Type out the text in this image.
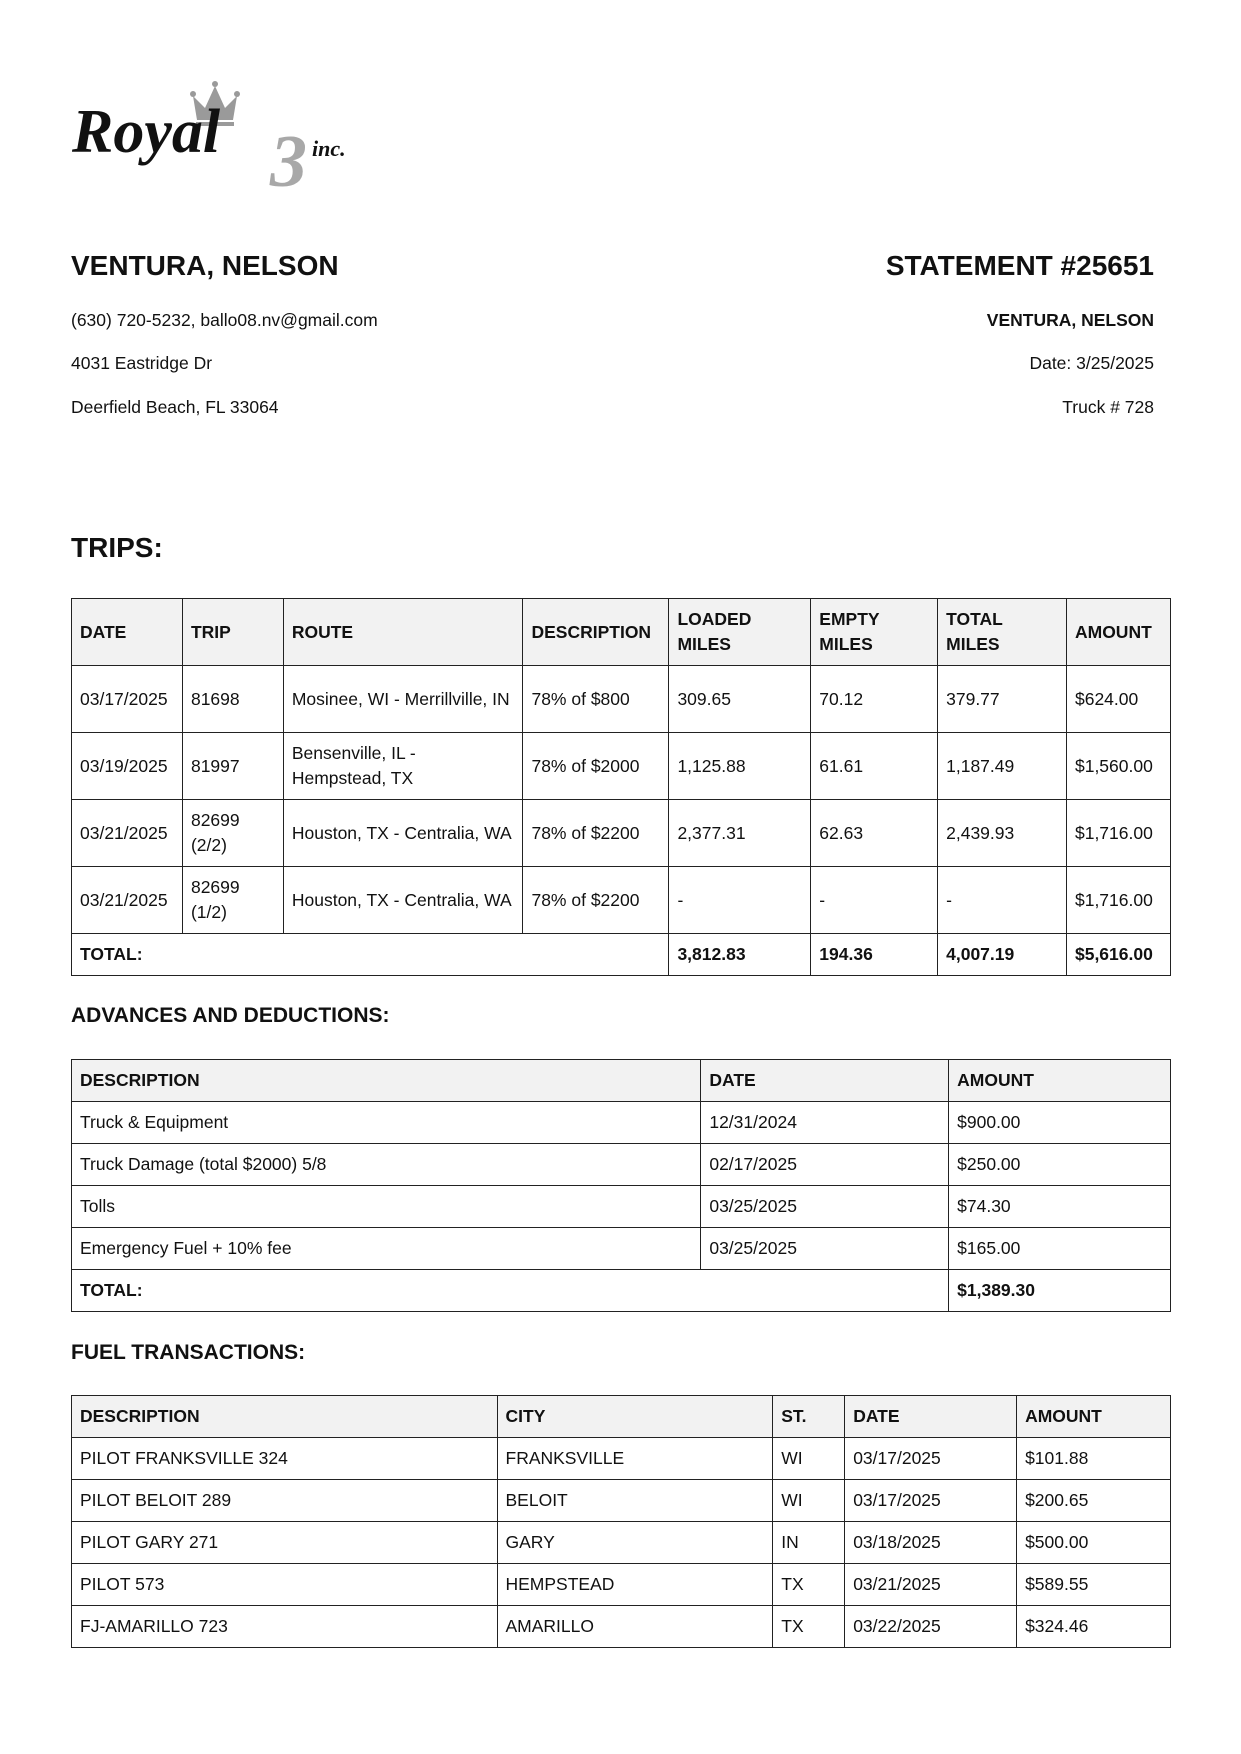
Royal 3 inc.
VENTURA, NELSON
(630) 720-5232, ballo08.nv@gmail.com
4031 Eastridge Dr
Deerfield Beach, FL 33064
STATEMENT #25651
VENTURA, NELSON
Date: 3/25/2025
Truck # 728
TRIPS:
DATE	TRIP	ROUTE	DESCRIPTION	LOADED MILES	EMPTY MILES	TOTAL MILES	AMOUNT
03/17/2025	81698	Mosinee, WI - Merrillville, IN	78% of $800	309.65	70.12	379.77	$624.00
03/19/2025	81997	Bensenville, IL - Hempstead, TX	78% of $2000	1,125.88	61.61	1,187.49	$1,560.00
03/21/2025	82699 (2/2)	Houston, TX - Centralia, WA	78% of $2200	2,377.31	62.63	2,439.93	$1,716.00
03/21/2025	82699 (1/2)	Houston, TX - Centralia, WA	78% of $2200	-	-	-	$1,716.00
TOTAL:				3,812.83	194.36	4,007.19	$5,616.00
ADVANCES AND DEDUCTIONS:
DESCRIPTION	DATE	AMOUNT
Truck & Equipment	12/31/2024	$900.00
Truck Damage (total $2000) 5/8	02/17/2025	$250.00
Tolls	03/25/2025	$74.30
Emergency Fuel + 10% fee	03/25/2025	$165.00
TOTAL:		$1,389.30
FUEL TRANSACTIONS:
DESCRIPTION	CITY	ST.	DATE	AMOUNT
PILOT FRANKSVILLE 324	FRANKSVILLE	WI	03/17/2025	$101.88
PILOT BELOIT 289	BELOIT	WI	03/17/2025	$200.65
PILOT GARY 271	GARY	IN	03/18/2025	$500.00
PILOT 573	HEMPSTEAD	TX	03/21/2025	$589.55
FJ-AMARILLO 723	AMARILLO	TX	03/22/2025	$324.46
